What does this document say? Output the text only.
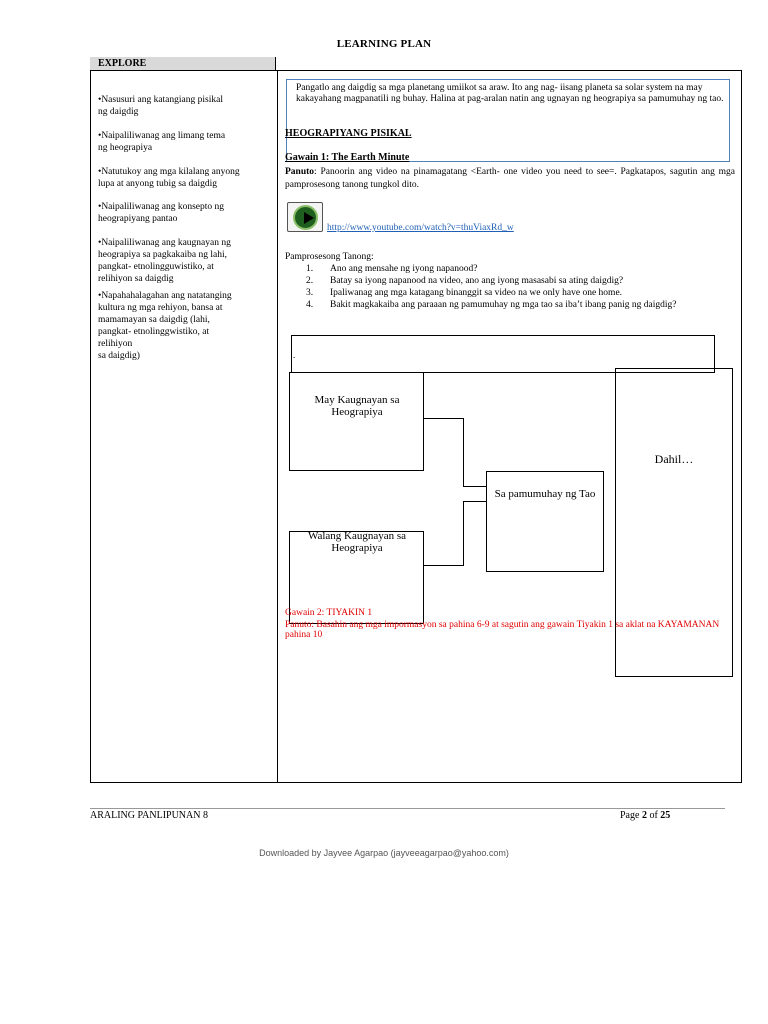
LEARNING PLAN
EXPLORE
•Nasusuri ang katangiang pisikal
ng daigdig
•Naipaliliwanag ang limang tema
ng heograpiya
•Natutukoy ang mga kilalang anyong
lupa at anyong tubig sa daigdig
•Naipaliliwanag ang konsepto ng
heograpiyang pantao
•Naipaliliwanag ang kaugnayan ng
heograpiya sa pagkakaiba ng lahi,
pangkat- etnolingguwistiko, at
relihiyon sa daigdig
•Napahahalagahan ang natatanging
kultura ng mga rehiyon, bansa at
mamamayan sa daigdig (lahi,
pangkat- etnolinggwistiko, at
relihiyon
sa daigdig)
Pangatlo ang daigdig sa mga planetang umiikot sa araw. Ito ang nag- iisang planeta sa solar system na may kakayahang magpanatili ng buhay. Halina at pag-aralan natin ang ugnayan ng heograpiya sa pamumuhay ng tao.
HEOGRAPIYANG PISIKAL
Gawain 1: The Earth Minute
Panuto: Panoorin ang video na pinamagatang <Earth- one video you need to see=. Pagkatapos, sagutin ang mga pamprosesong tanong tungkol dito.
http://www.youtube.com/watch?v=thuViaxRd_w
Pamprosesong Tanong:
1. Ano ang mensahe ng iyong napanood?
2. Batay sa iyong napanood na video, ano ang iyong masasabi sa ating daigdig?
3. Ipaliwanag ang mga katagang binanggit sa video na we only have one home.
4. Bakit magkakaiba ang paraaan ng pamumuhay ng mga tao sa iba’t ibang panig ng daigdig?
.
May Kaugnayan sa Heograpiya
Walang Kaugnayan sa Heograpiya
Sa pamumuhay ng Tao
Dahil…
Gawain 2: TIYAKIN 1
Panuto: Basahin ang mga impormasyon sa pahina 6-9 at sagutin ang gawain Tiyakin 1 sa aklat na KAYAMANAN pahina 10
ARALING PANLIPUNAN 8	Page 2 of 25
Downloaded by Jayvee Agarpao (jayveeagarpao@yahoo.com)
